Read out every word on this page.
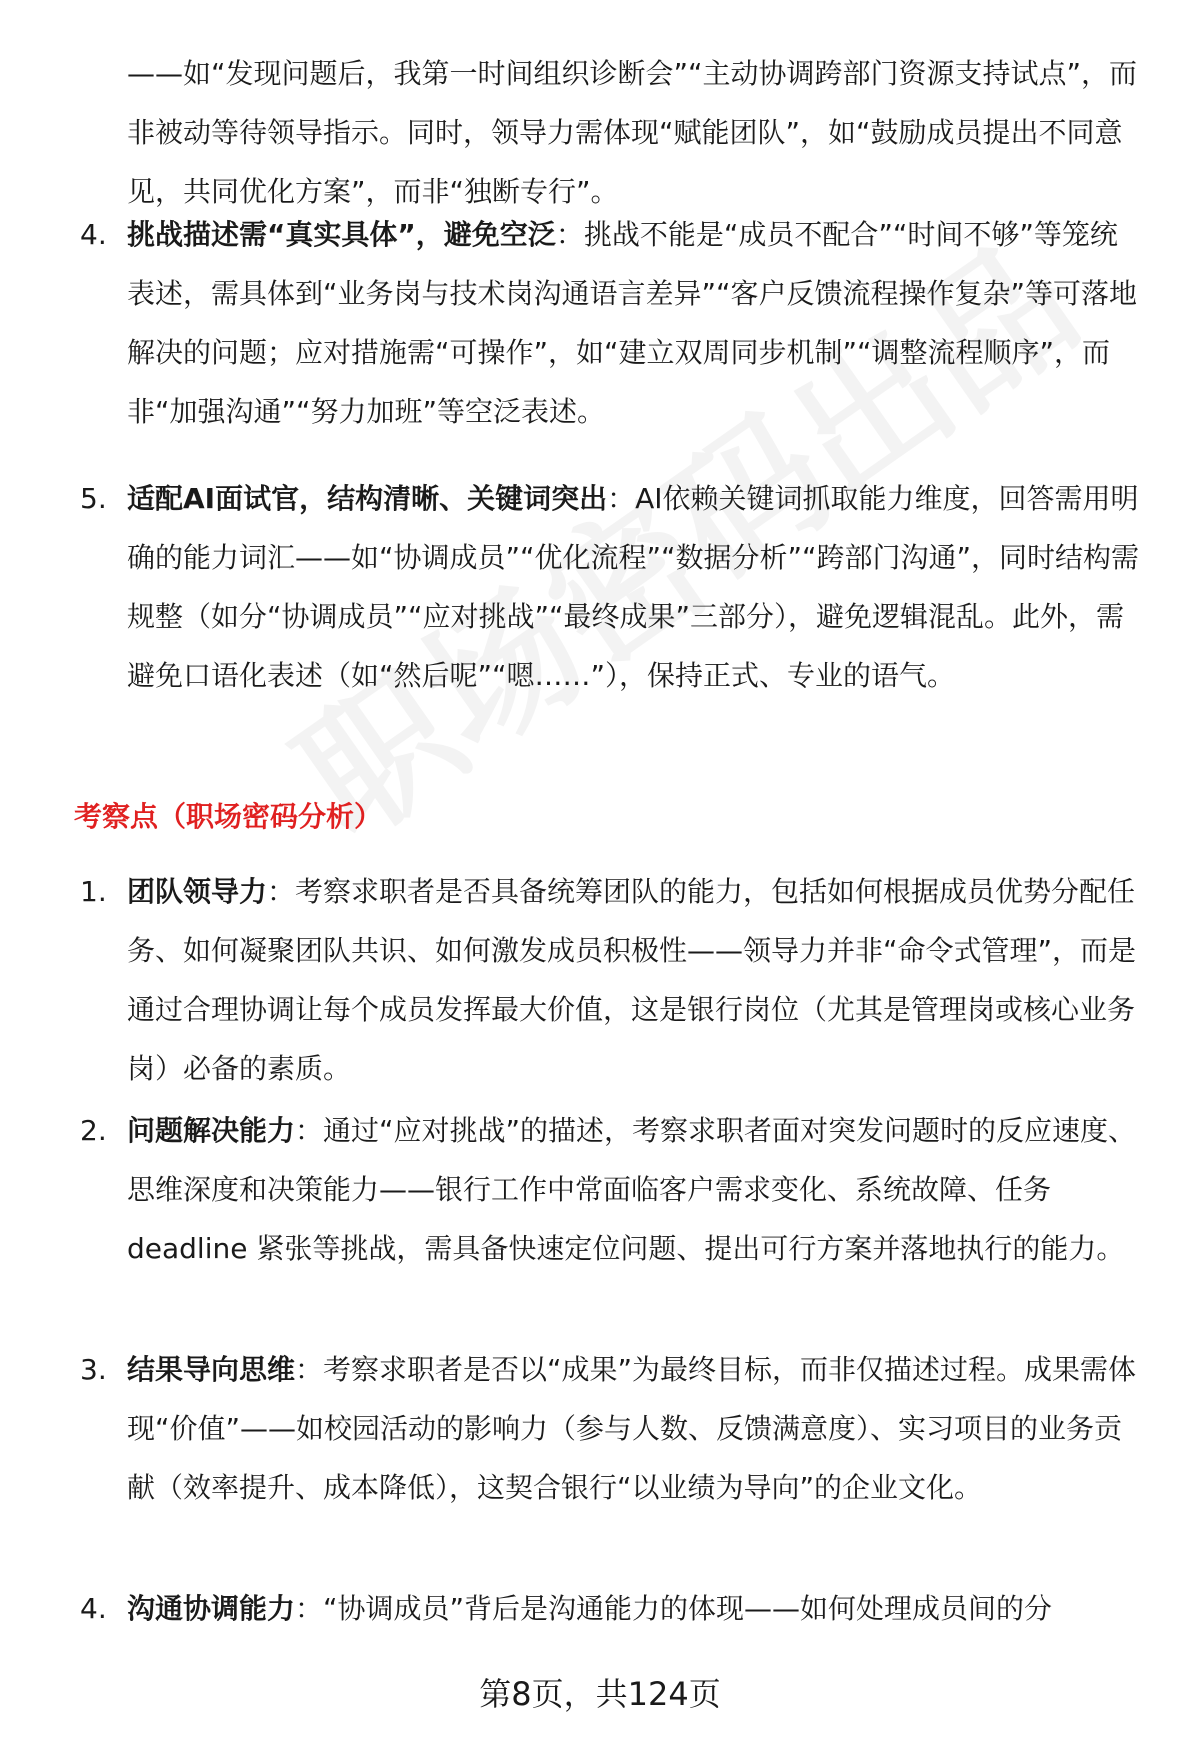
——如“发现问题后，我第一时间组织诊断会”“主动协调跨部门资源支持试点”，而非被动等待领导指示。同时，领导力需体现“赋能团队”，如“鼓励成员提出不同意见，共同优化方案”，而非“独断专行”。
4. 挑战描述需“真实具体”，避免空泛：挑战不能是“成员不配合”“时间不够”等笼统表述，需具体到“业务岗与技术岗沟通语言差异”“客户反馈流程操作复杂”等可落地解决的问题；应对措施需“可操作”，如“建立双周同步机制”“调整流程顺序”，而非“加强沟通”“努力加班”等空泛表述。
5. 适配AI面试官，结构清晰、关键词突出：AI依赖关键词抓取能力维度，回答需用明确的能力词汇——如“协调成员”“优化流程”“数据分析”“跨部门沟通”，同时结构需规整（如分“协调成员”“应对挑战”“最终成果”三部分），避免逻辑混乱。此外，需避免口语化表述（如“然后呢”“嗯……”），保持正式、专业的语气。
考察点（职场密码分析）
1. 团队领导力：考察求职者是否具备统筹团队的能力，包括如何根据成员优势分配任务、如何凝聚团队共识、如何激发成员积极性——领导力并非“命令式管理”，而是通过合理协调让每个成员发挥最大价值，这是银行岗位（尤其是管理岗或核心业务岗）必备的素质。
2. 问题解决能力：通过“应对挑战”的描述，考察求职者面对突发问题时的反应速度、思维深度和决策能力——银行工作中常面临客户需求变化、系统故障、任务 deadline 紧张等挑战，需具备快速定位问题、提出可行方案并落地执行的能力。
3. 结果导向思维：考察求职者是否以“成果”为最终目标，而非仅描述过程。成果需体现“价值”——如校园活动的影响力（参与人数、反馈满意度）、实习项目的业务贡献（效率提升、成本降低），这契合银行“以业绩为导向”的企业文化。
4. 沟通协调能力：“协调成员”背后是沟通能力的体现——如何处理成员间的分
第8页，共124页
